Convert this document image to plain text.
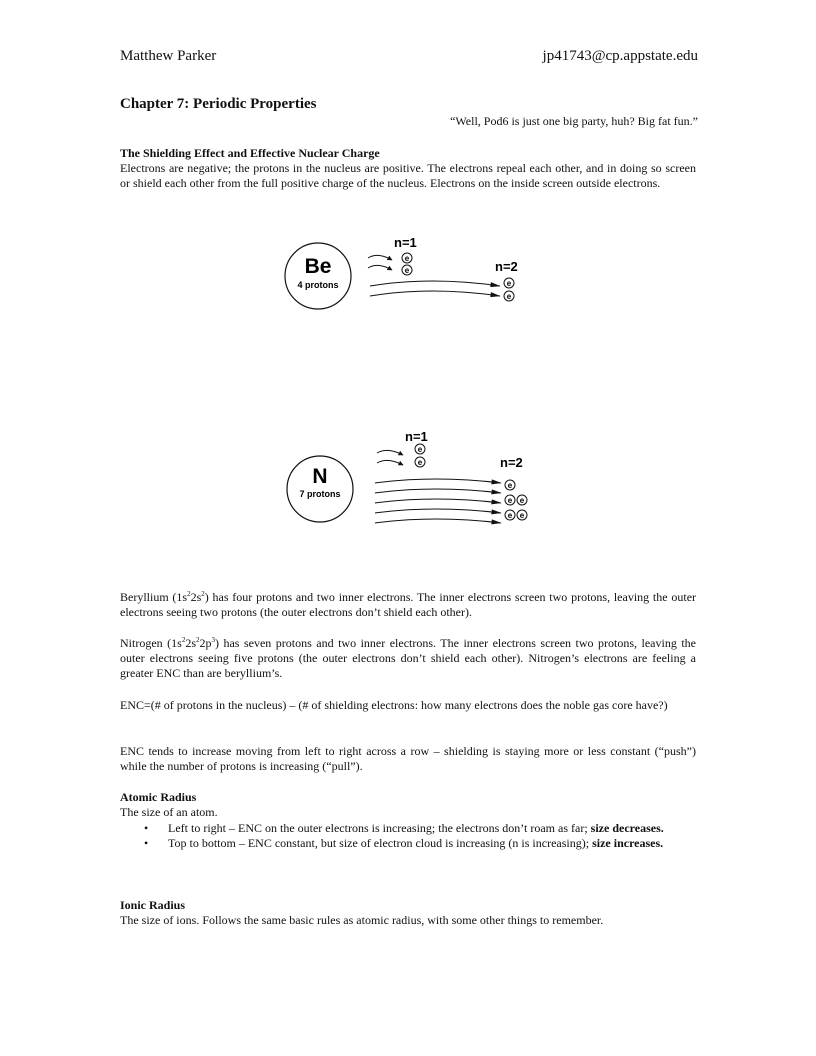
Matthew Parker	jp41743@cp.appstate.edu
Chapter 7: Periodic Properties
“Well, Pod6 is just one big party, huh? Big fat fun.”
The Shielding Effect and Effective Nuclear Charge
Electrons are negative; the protons in the nucleus are positive. The electrons repeal each other, and in doing so screen or shield each other from the full positive charge of the nucleus. Electrons on the inside screen outside electrons.
Be
4 protons
n=1
n=2
e
e
e
e
N
7 protons
n=1
n=2
e
e
e
e e
e e
Beryllium $(1s^22s^2)$ has four protons and two inner electrons. The inner electrons screen two protons, leaving the outer electrons seeing two protons (the outer electrons don’t shield each other).
Nitrogen $(1s^22s^22p^3)$ has seven protons and two inner electrons. The inner electrons screen two protons, leaving the outer electrons seeing five protons (the outer electrons don’t shield each other). Nitrogen’s electrons are feeling a greater ENC than are beryllium’s.
ENC=(# of protons in the nucleus) – (# of shielding electrons: how many electrons does the noble gas core have?)
ENC tends to increase moving from left to right across a row – shielding is staying more or less constant (“push”) while the number of protons is increasing (“pull”).
Atomic Radius
The size of an atom.
• Left to right – ENC on the outer electrons is increasing; the electrons don’t roam as far; size decreases.
• Top to bottom – ENC constant, but size of electron cloud is increasing (n is increasing); size increases.
Ionic Radius
The size of ions. Follows the same basic rules as atomic radius, with some other things to remember.
